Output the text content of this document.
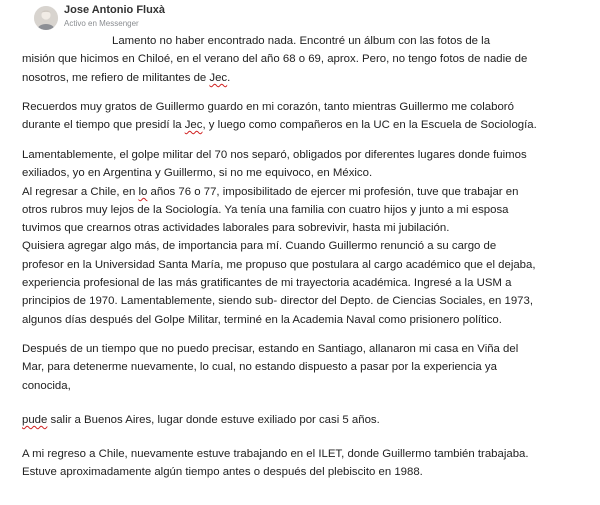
Jose Antonio Fluxà
Activo en Messenger
Lamento no haber encontrado nada. Encontré un álbum con las fotos de la
misión que hicimos en Chiloé, en el verano del año 68 o 69, aprox. Pero, no tengo fotos de nadie de
nosotros, me refiero de militantes de Jec.
Recuerdos muy gratos de Guillermo guardo en mi corazón, tanto mientras Guillermo me colaboró
durante el tiempo que presidí la Jec, y luego como compañeros en la UC en la Escuela de Sociología.
Lamentablemente, el golpe militar del 70 nos separó, obligados por diferentes lugares donde fuimos
exiliados, yo en Argentina y Guillermo, si no me equivoco, en México.
Al regresar a Chile, en lo años 76 o 77, imposibilitado de ejercer mi profesión, tuve que trabajar en
otros rubros muy lejos de la Sociología. Ya tenía una familia con cuatro hijos y junto a mi esposa
tuvimos que crearnos otras actividades laborales para sobrevivir, hasta mi jubilación.
Quisiera agregar algo más, de importancia para mí. Cuando Guillermo renunció a su cargo de
profesor en la Universidad Santa María, me propuso que postulara al cargo académico que el dejaba,
experiencia profesional de las más gratificantes de mi trayectoria académica. Ingresé a la USM a
principios de 1970. Lamentablemente, siendo sub- director del Depto. de Ciencias Sociales, en 1973,
algunos días después del Golpe Militar, terminé en la Academia Naval como prisionero político.
Después de un tiempo que no puedo precisar, estando en Santiago, allanaron mi casa en Viña del
Mar, para detenerme nuevamente, lo cual, no estando dispuesto a pasar por la experiencia ya
conocida,
pude salir a Buenos Aires, lugar donde estuve exiliado por casi 5 años.
A mi regreso a Chile, nuevamente estuve trabajando en el ILET, donde Guillermo también trabajaba.
Estuve aproximadamente algún tiempo antes o después del plebiscito en 1988.
